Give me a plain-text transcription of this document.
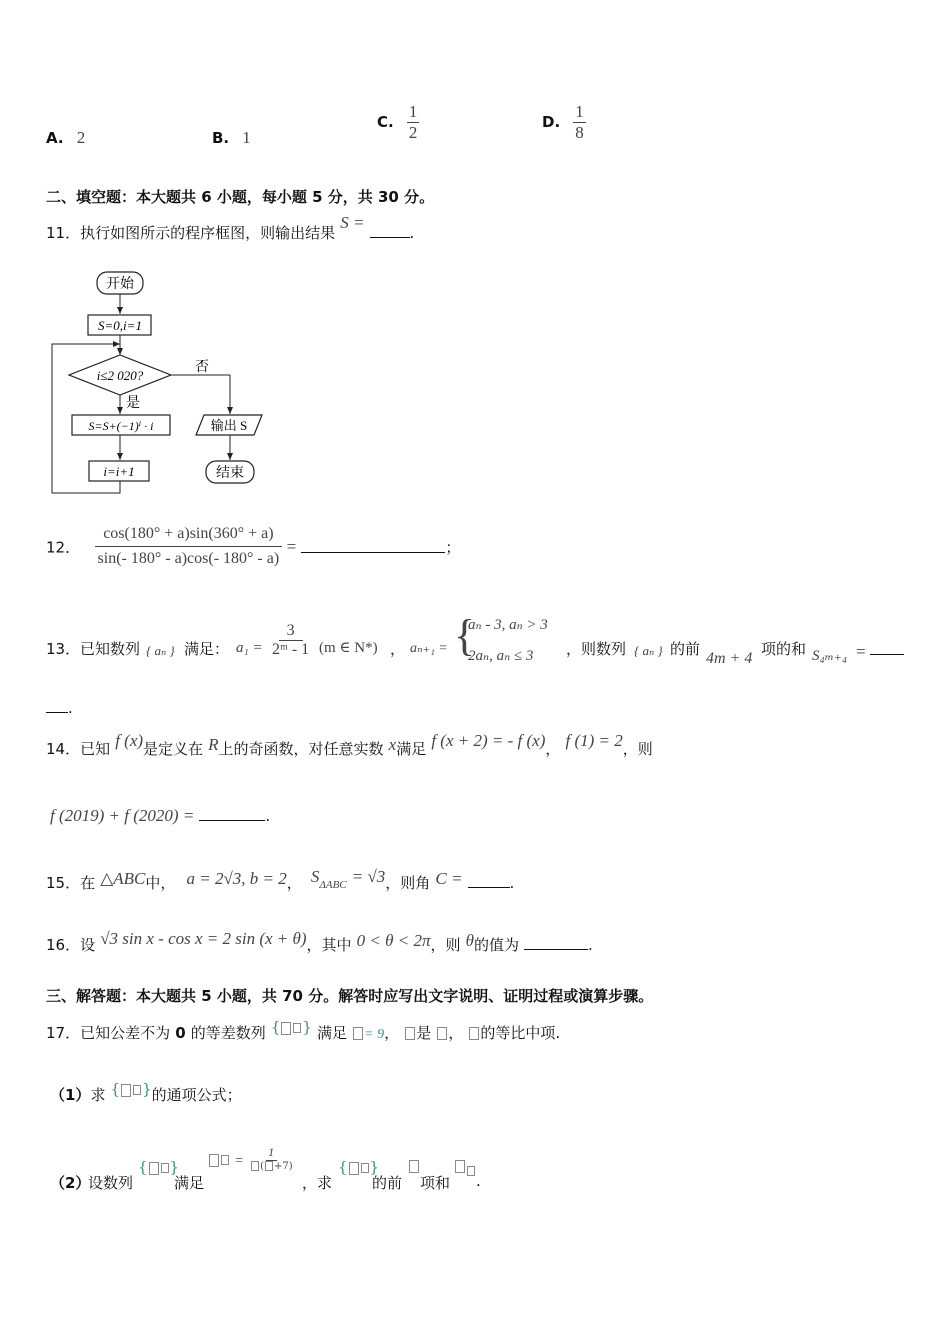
A. 2	B. 1
C. $\frac{1}{2}$	D. $\frac{1}{8}$
二、填空题：本大题共 6 小题，每小题 5 分，共 30 分。
11．执行如图所示的程序框图，则输出结果 S = .
开始
S=0,i=1
i≤2 020?
否
是
S=S+(−1)ⁱ · i	输出 S
结束
i=i+1
12． $\frac{\cos(180^\circ + a)\sin(360^\circ + a)}{\sin(- 180^\circ - a)\cos(- 180^\circ - a)}$ =	；
13． 已知数列 { aₙ } 满足： $a_1 = \frac{3}{\text{2ᵐ - 1}} (m$ ∈ N*) ， aₙ₊₁ = {
aₙ - 3, aₙ > 3
2aₙ, aₙ ≤ 3 ，则数列 { aₙ } 的前
4m + 4
项的和 S₄ₘ₊₄ =
.
14．已知 f (x)是定义在 R上的奇函数，对任意实数 x满足 f (x + 2) = - f (x)， f (1) = 2，则
f (2019) + f (2020) =	.
15．在 △ABC中， a = 2√3, b = 2， SΔABC = √3，则角 C =	.
16．设 √3 sin x - cos x = 2 sin (x + θ)，其中 0 < θ < 2π，则 θ的值为	.
三、解答题：本大题共 5 小题，共 70 分。解答时应写出文字说明、证明过程或演算步骤。
17．已知公差不为 0 的等差数列 { } 满足 = 9， 是 ， 的等比中项.
（1）求 { }的通项公式；
（2）
设数列
{ }
满足
= $\frac{1}{( +7)}$
，求
{ }
的前 项和 .
